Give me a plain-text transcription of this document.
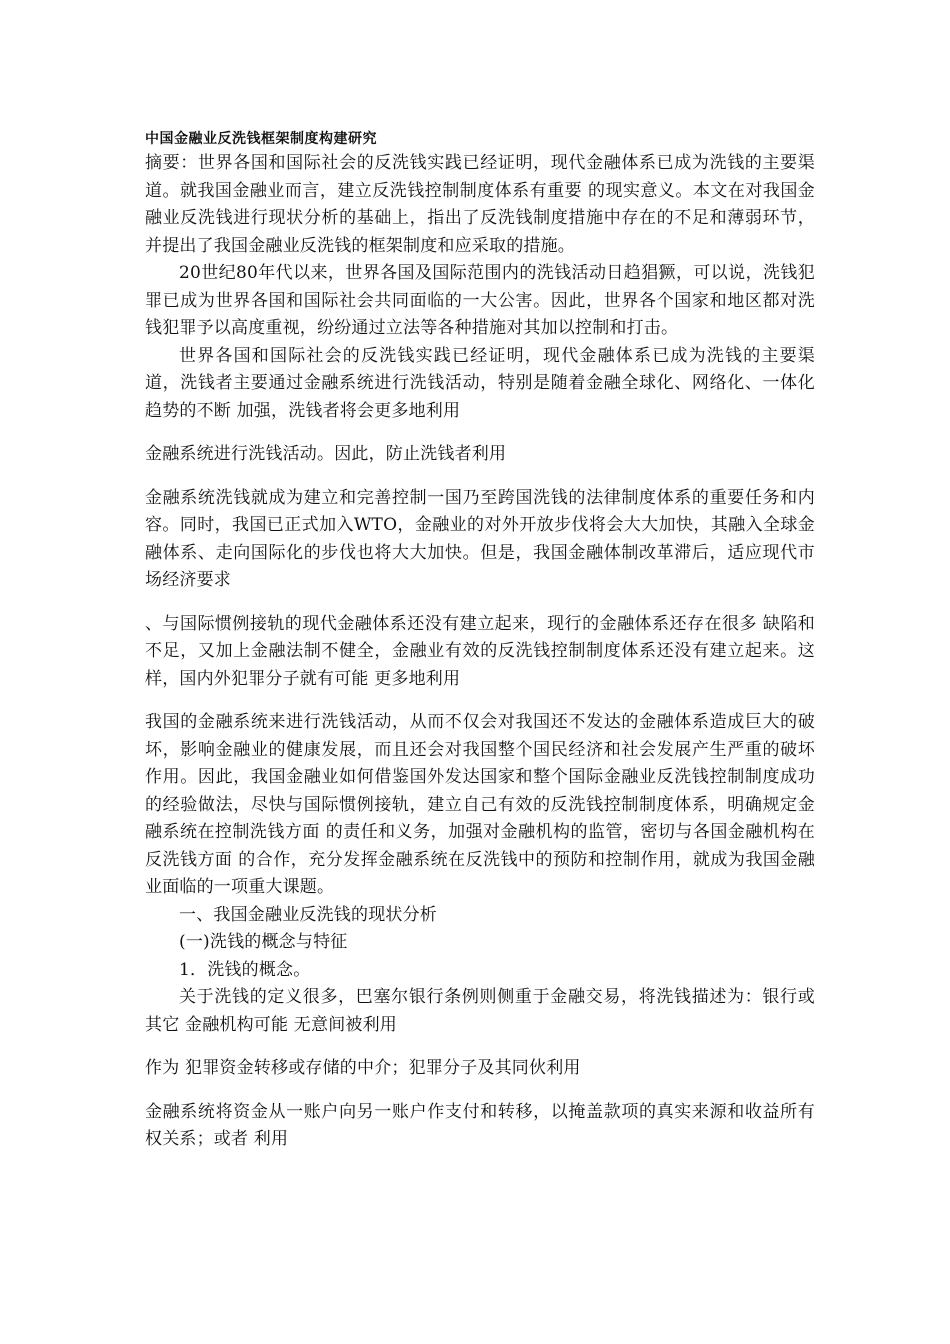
中国金融业反洗钱框架制度构建研究

摘要：世界各国和国际社会的反洗钱实践已经证明，现代金融体系已成为洗钱的主要渠道。就我国金融业而言，建立反洗钱控制制度体系有重要 的现实意义。本文在对我国金融业反洗钱进行现状分析的基础上，指出了反洗钱制度措施中存在的不足和薄弱环节，并提出了我国金融业反洗钱的框架制度和应采取的措施。

20世纪80年代以来，世界各国及国际范围内的洗钱活动日趋猖獗，可以说，洗钱犯罪已成为世界各国和国际社会共同面临的一大公害。因此，世界各个国家和地区都对洗钱犯罪予以高度重视，纷纷通过立法等各种措施对其加以控制和打击。

世界各国和国际社会的反洗钱实践已经证明，现代金融体系已成为洗钱的主要渠道，洗钱者主要通过金融系统进行洗钱活动，特别是随着金融全球化、网络化、一体化趋势的不断 加强，洗钱者将会更多地利用

金融系统进行洗钱活动。因此，防止洗钱者利用

金融系统洗钱就成为建立和完善控制一国乃至跨国洗钱的法律制度体系的重要任务和内容。同时，我国已正式加入WTO，金融业的对外开放步伐将会大大加快，其融入全球金融体系、走向国际化的步伐也将大大加快。但是，我国金融体制改革滞后，适应现代市场经济要求

、与国际惯例接轨的现代金融体系还没有建立起来，现行的金融体系还存在很多 缺陷和不足，又加上金融法制不健全，金融业有效的反洗钱控制制度体系还没有建立起来。这样，国内外犯罪分子就有可能 更多地利用

我国的金融系统来进行洗钱活动，从而不仅会对我国还不发达的金融体系造成巨大的破坏，影响金融业的健康发展，而且还会对我国整个国民经济和社会发展产生严重的破坏作用。因此，我国金融业如何借鉴国外发达国家和整个国际金融业反洗钱控制制度成功的经验做法，尽快与国际惯例接轨，建立自己有效的反洗钱控制制度体系，明确规定金融系统在控制洗钱方面 的责任和义务，加强对金融机构的监管，密切与各国金融机构在反洗钱方面 的合作，充分发挥金融系统在反洗钱中的预防和控制作用，就成为我国金融业面临的一项重大课题。

一、我国金融业反洗钱的现状分析

(一)洗钱的概念与特征

1．洗钱的概念。

关于洗钱的定义很多，巴塞尔银行条例则侧重于金融交易，将洗钱描述为：银行或其它 金融机构可能 无意间被利用

作为 犯罪资金转移或存储的中介；犯罪分子及其同伙利用

金融系统将资金从一账户向另一账户作支付和转移，以掩盖款项的真实来源和收益所有 权关系；或者 利用
